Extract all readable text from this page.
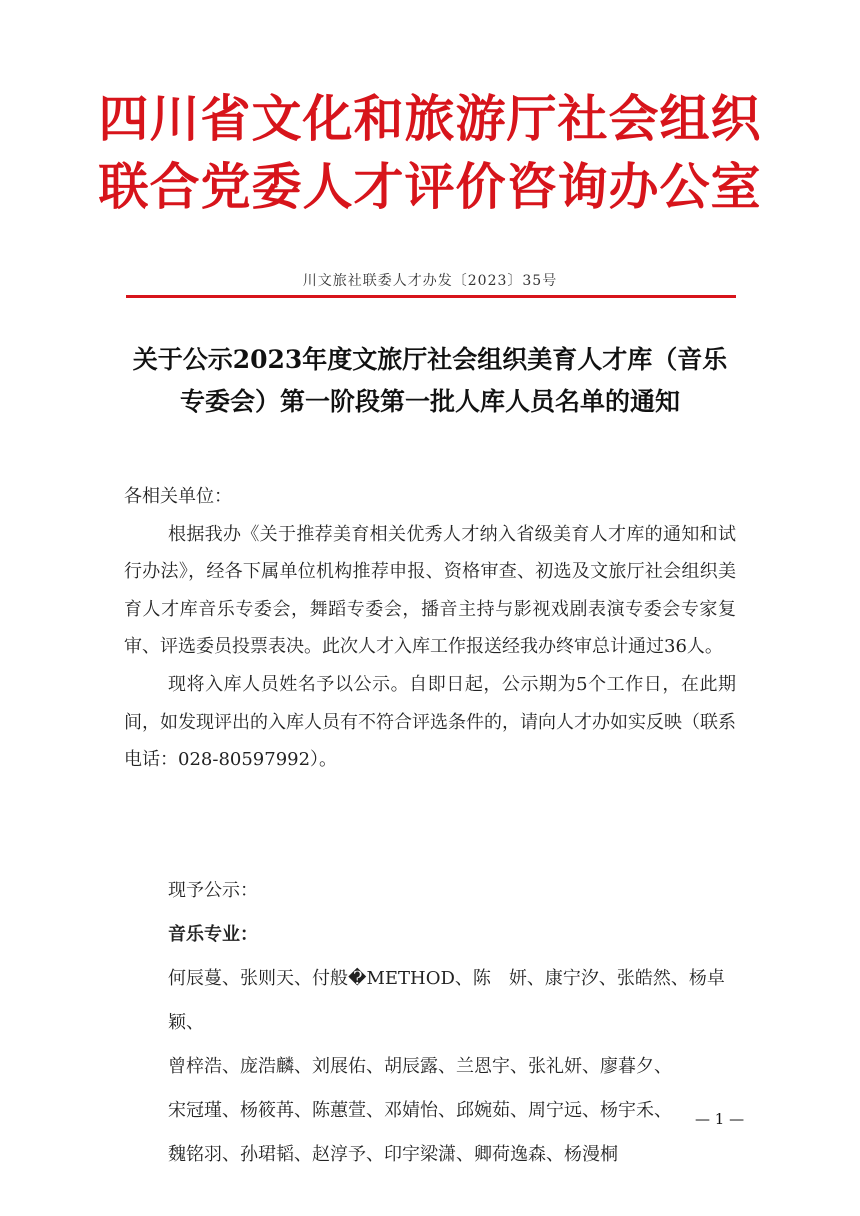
四川省文化和旅游厅社会组织
联合党委人才评价咨询办公室
川文旅社联委人才办发〔2023〕35号
关于公示2023年度文旅厅社会组织美育人才库（音乐
专委会）第一阶段第一批人库人员名单的通知

各相关单位：

根据我办《关于推荐美育相关优秀人才纳入省级美育人才库的通知和试行办法》，经各下属单位机构推荐申报、资格审查、初选及文旅厅社会组织美育人才库音乐专委会，舞蹈专委会，播音主持与影视戏剧表演专委会专家复审、评选委员投票表决。此次人才入库工作报送经我办终审总计通过36人。

现将入库人员姓名予以公示。自即日起，公示期为5个工作日，在此期间，如发现评出的入库人员有不符合评选条件的，请向人才办如实反映（联系电话：028-80597992）。

现予公示：

音乐专业：

何辰蔓、张则天、付般�METHOD、陈　妍、康宁汐、张皓然、杨卓颖、

曾梓浩、庞浩麟、刘展佑、胡辰露、兰恩宇、张礼妍、廖暮夕、

宋冠瑾、杨筱苒、陈蕙萱、邓婧怡、邱婉茹、周宁远、杨宇禾、

魏铭羽、孙珺韬、赵淳予、印宇梁潇、卿荷逸森、杨漫桐

— 1 —
